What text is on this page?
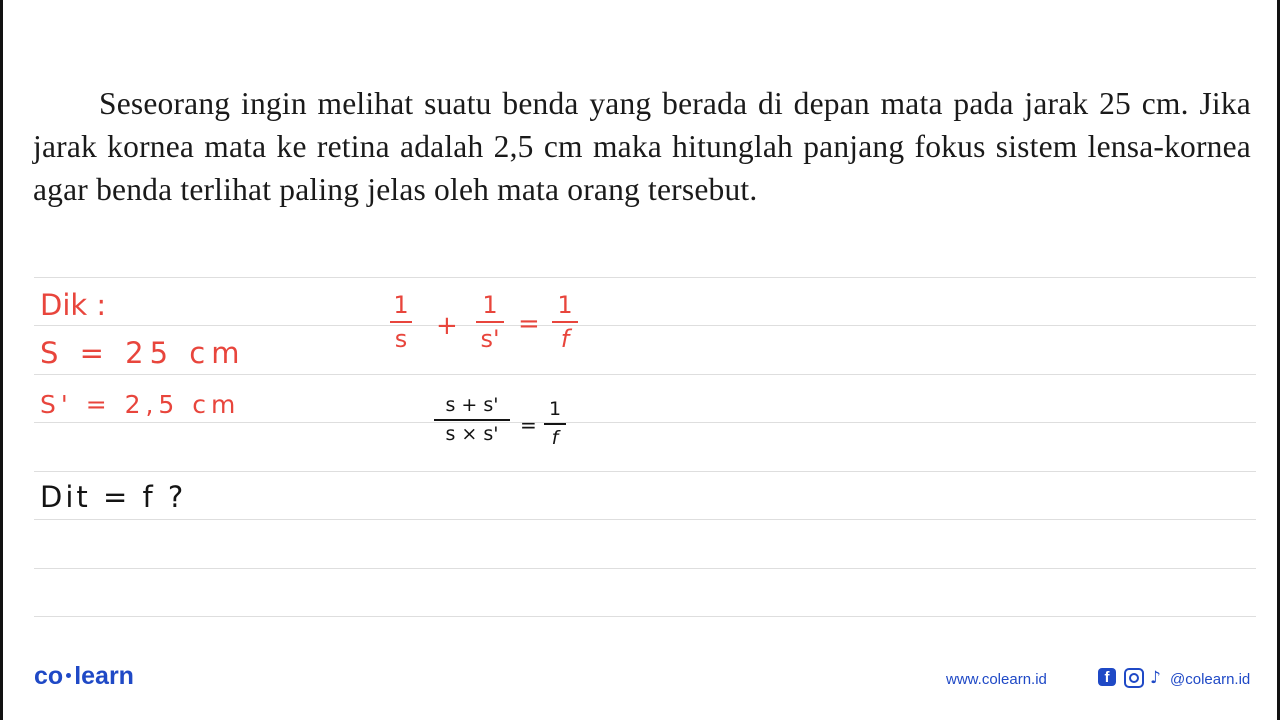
Seseorang ingin melihat suatu benda yang berada di depan mata pada jarak 25 cm. Jika jarak kornea mata ke retina adalah 2,5 cm maka hitunglah panjang fokus sistem lensa-kornea agar benda terlihat paling jelas oleh mata orang tersebut.
Dik :
S = 25 cm
S' = 2,5 cm
Dit = f ?
1
s +
1
s' =
1
f
s + s'
s × s' =
1
f
co learn	www.colearn.id	f ♪ @colearn.id
